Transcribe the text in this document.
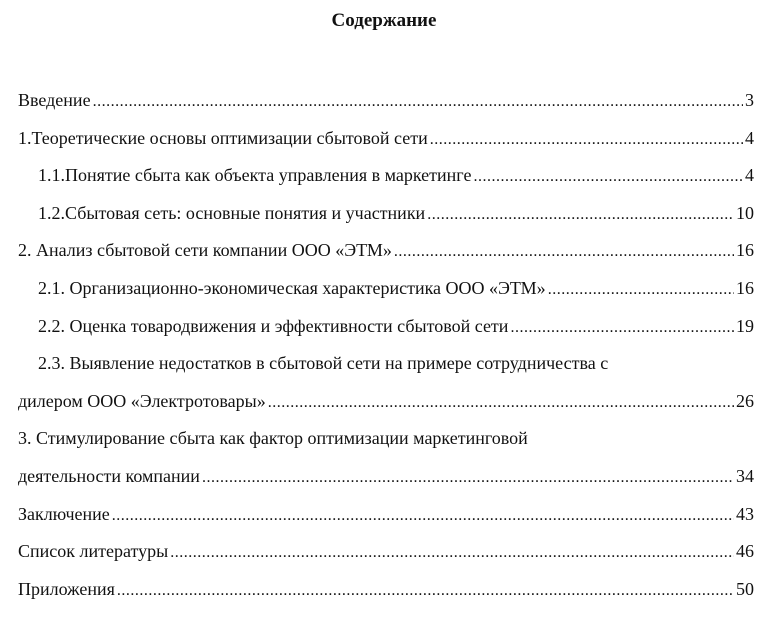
Содержание
Введение .....	3
1. Теоретические основы оптимизации сбытовой сети .....	4
1.1. Понятие сбыта как объекта управления в маркетинге .....	4
1.2. Сбытовая сеть: основные понятия и участники .....	10
2. Анализ сбытовой сети компании ООО «ЭТМ» .....	16
2.1. Организационно-экономическая характеристика ООО «ЭТМ» .....	16
2.2. Оценка товародвижения и эффективности сбытовой сети .....	19
2.3. Выявление недостатков в сбытовой сети на примере сотрудничества с
дилером ООО «Электротовары» .....	26
3. Стимулирование сбыта как фактор оптимизации маркетинговой
деятельности компании .....	34
Заключение .....	43
Список литературы .....	46
Приложения .....	50
